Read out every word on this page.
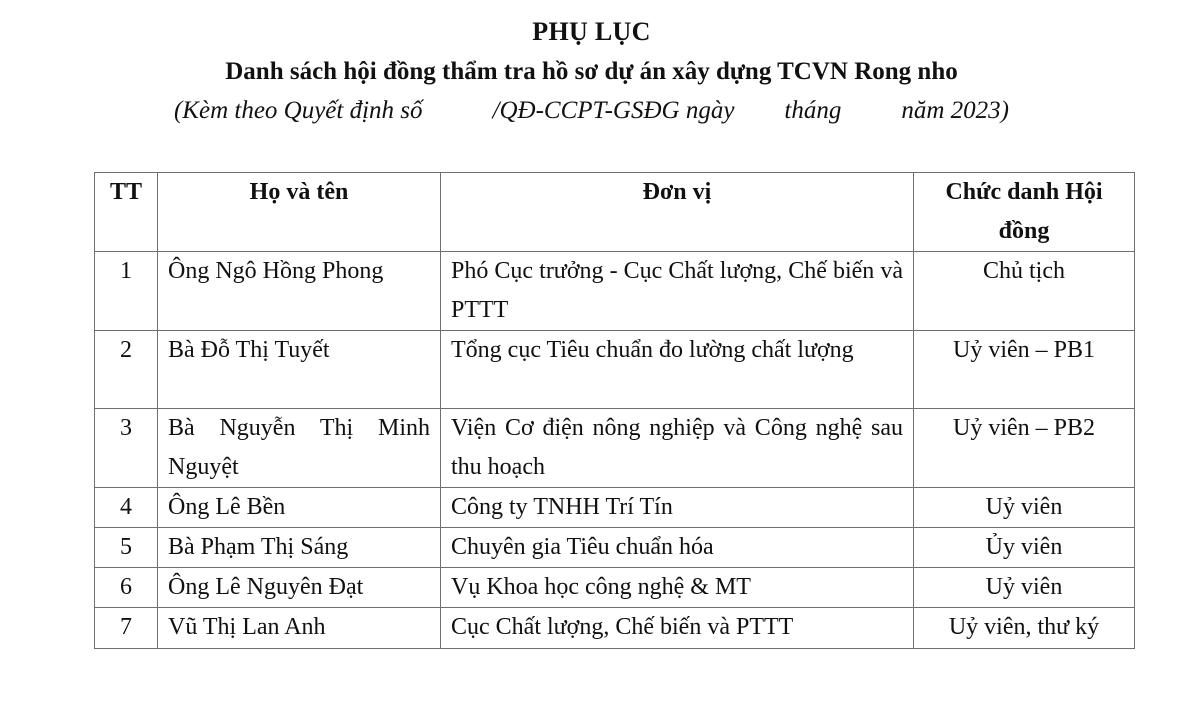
PHỤ LỤC
Danh sách hội đồng thẩm tra hồ sơ dự án xây dựng TCVN Rong nho
(Kèm theo Quyết định số	/QĐ-CCPT-GSĐG ngày tháng năm 2023)
TT	Họ và tên	Đơn vị	Chức danh Hội đồng
1	Ông Ngô Hồng Phong	Phó Cục trưởng - Cục Chất lượng, Chế biến và PTTT	Chủ tịch
2	Bà Đỗ Thị Tuyết	Tổng cục Tiêu chuẩn đo lường chất lượng	Uỷ viên – PB1
3	Bà Nguyễn Thị Minh Nguyệt	Viện Cơ điện nông nghiệp và Công nghệ sau thu hoạch	Uỷ viên – PB2
4	Ông Lê Bền	Công ty TNHH Trí Tín	Uỷ viên
5	Bà Phạm Thị Sáng	Chuyên gia Tiêu chuẩn hóa	Ủy viên
6	Ông Lê Nguyên Đạt	Vụ Khoa học công nghệ & MT	Uỷ viên
7	Vũ Thị Lan Anh	Cục Chất lượng, Chế biến và PTTT	Uỷ viên, thư ký
